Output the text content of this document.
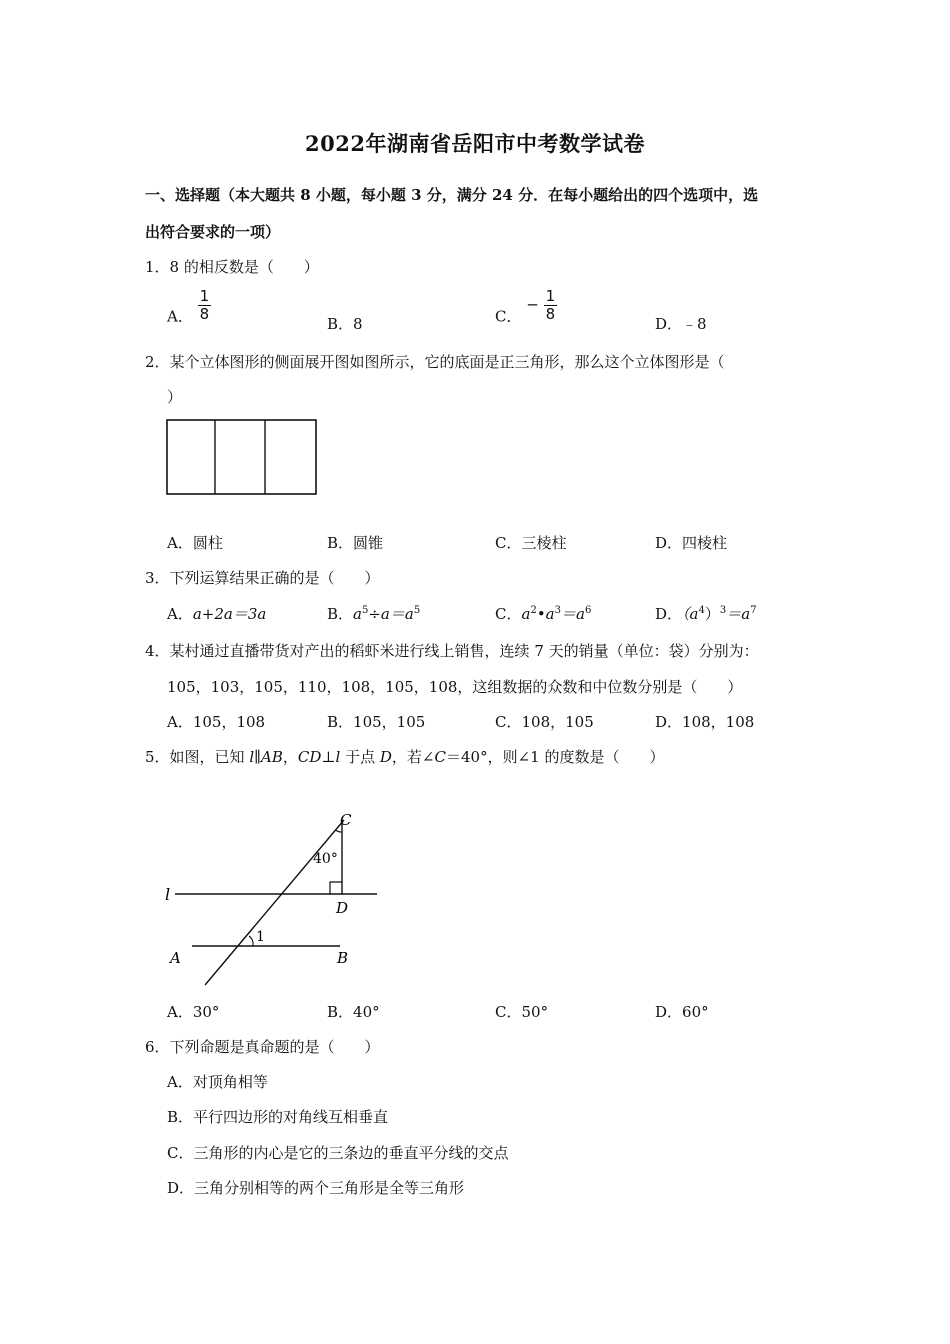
2022年湖南省岳阳市中考数学试卷
一、选择题（本大题共 8 小题，每小题 3 分，满分 24 分．在每小题给出的四个选项中，选
出符合要求的一项）
1．8 的相反数是（　　）
A． $\frac{1}{8}$
B．8	C． − $\frac{1}{8}$
D．﹣8
2．某个立体图形的侧面展开图如图所示，它的底面是正三角形，那么这个立体图形是（
）
A．圆柱	B．圆锥	C．三棱柱	D．四棱柱
3．下列运算结果正确的是（　　）
A．a+2a＝3a	B．$a^5\div a=a^5$	C．$a^2•a^3=a^6$	D．$(a^4)^3=a^7$
4．某村通过直播带货对产出的稻虾米进行线上销售，连续 7 天的销量（单位：袋）分别为：
105，103，105，110，108，105，108，这组数据的众数和中位数分别是（　　）
A．105，108	B．105，105	C．108，105	D．108，108
5．如图，已知 l∥AB，CD⊥l 于点 D，若∠C＝40°，则∠1 的度数是（　　）
C
40°
l
D
1
A	B
A．30°	B．40°	C．50°	D．60°
6．下列命题是真命题的是（　　）
A．对顶角相等
B．平行四边形的对角线互相垂直
C．三角形的内心是它的三条边的垂直平分线的交点
D．三角分别相等的两个三角形是全等三角形
